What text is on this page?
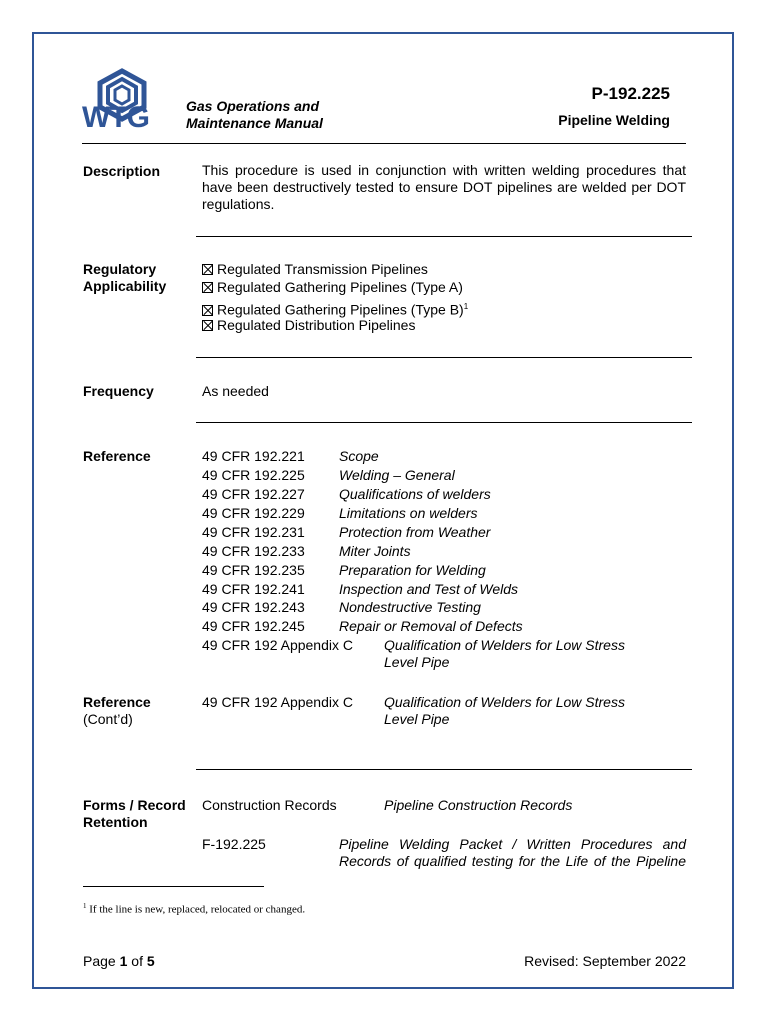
WTG	Gas Operations and
Maintenance Manual
P-192.225
Pipeline Welding
Description	This procedure is used in conjunction with written welding procedures that have been destructively tested to ensure DOT pipelines are welded per DOT regulations.
Regulatory
Applicability
Regulated Transmission Pipelines
Regulated Gathering Pipelines (Type A)
Regulated Gathering Pipelines (Type B)$^1$
Regulated Distribution Pipelines
Frequency	As needed
Reference	49 CFR 192.221 Scope
49 CFR 192.225 Welding – General
49 CFR 192.227 Qualifications of welders
49 CFR 192.229 Limitations on welders
49 CFR 192.231 Protection from Weather
49 CFR 192.233 Miter Joints
49 CFR 192.235 Preparation for Welding
49 CFR 192.241 Inspection and Test of Welds
49 CFR 192.243 Nondestructive Testing
49 CFR 192.245 Repair or Removal of Defects
49 CFR 192 Appendix C Qualification of Welders for Low Stress
Level Pipe
Reference
(Cont’d)
49 CFR 192 Appendix C Qualification of Welders for Low Stress
Level Pipe
Forms / Record
Retention
Construction Records	Pipeline Construction Records
F-192.225	Pipeline Welding Packet / Written Procedures and Records of qualified testing for the Life of the Pipeline
$^1$ If the line is new, replaced, relocated or changed.
Page 1 of 5	Revised: September 2022
